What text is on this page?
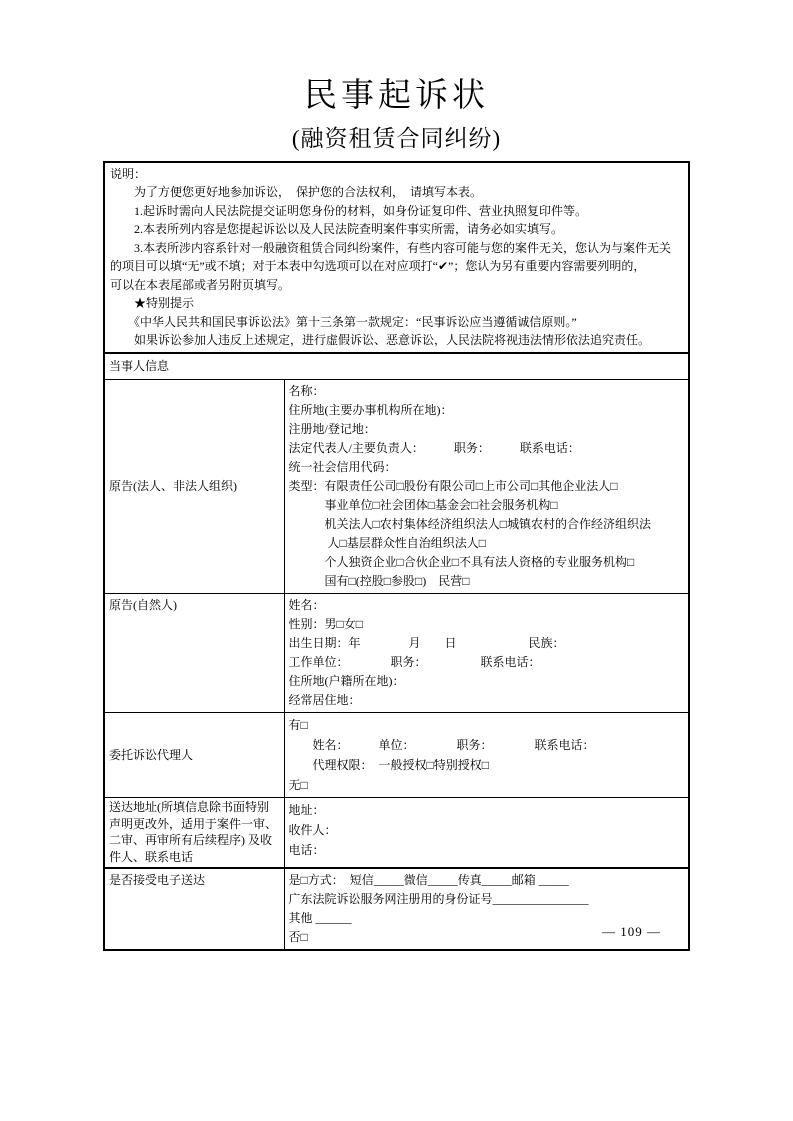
民事起诉状
(融资租赁合同纠纷)
说明：
　　为了方便您更好地参加诉讼，　保护您的合法权利，　请填写本表。
　　1.起诉时需向人民法院提交证明您身份的材料，如身份证复印件、营业执照复印件等。
　　2.本表所列内容是您提起诉讼以及人民法院查明案件事实所需，请务必如实填写。
　　3.本表所涉内容系针对一般融资租赁合同纠纷案件，有些内容可能与您的案件无关，您认为与案件无关
的项目可以填“无”或不填；对于本表中勾选项可以在对应项打“✔”；您认为另有重要内容需要列明的，
可以在本表尾部或者另附页填写。
　　★特别提示
　　《中华人民共和国民事诉讼法》第十三条第一款规定：“民事诉讼应当遵循诚信原则。”
　　如果诉讼参加人违反上述规定，进行虚假诉讼、恶意诉讼，人民法院将视违法情形依法追究责任。

当事人信息	
原告(法人、非法人组织)	
名称：
住所地(主要办事机构所在地)：
注册地/登记地：
法定代表人/主要负责人：　　　职务：　　　联系电话：
统一社会信用代码：
类型：有限责任公司□股份有限公司□上市公司□其他企业法人□
　　　事业单位□社会团体□基金会□社会服务机构□
　　　机关法人□农村集体经济组织法人□城镇农村的合作经济组织法
　　　 人□基层群众性自治组织法人□
　　　个人独资企业□合伙企业□不具有法人资格的专业服务机构□
　　　国有□(控股□参股□)　民营□

原告(自然人)	姓名：
性别：男□女□
出生日期：年　　　　月　　日　　　　　　民族：
工作单位：　　　　职务：　　　　　联系电话：
住所地(户籍所在地)：
经常居住地：

委托诉讼代理人	有□
　　姓名：　　　单位：　　　　职务：　　　　联系电话：
　　代理权限：　一般授权□特别授权□
无□

送达地址(所填信息除书面特别声明更改外，适用于案件一审、二审、再审所有后续程序) 及收件人、联系电话	地址：
收件人：
电话：

是否接受电子送达	是□方式：　短信_____微信_____传真_____邮箱 _____
广东法院诉讼服务网注册用的身份证号________________
其他 ______
否□	— 109 —
